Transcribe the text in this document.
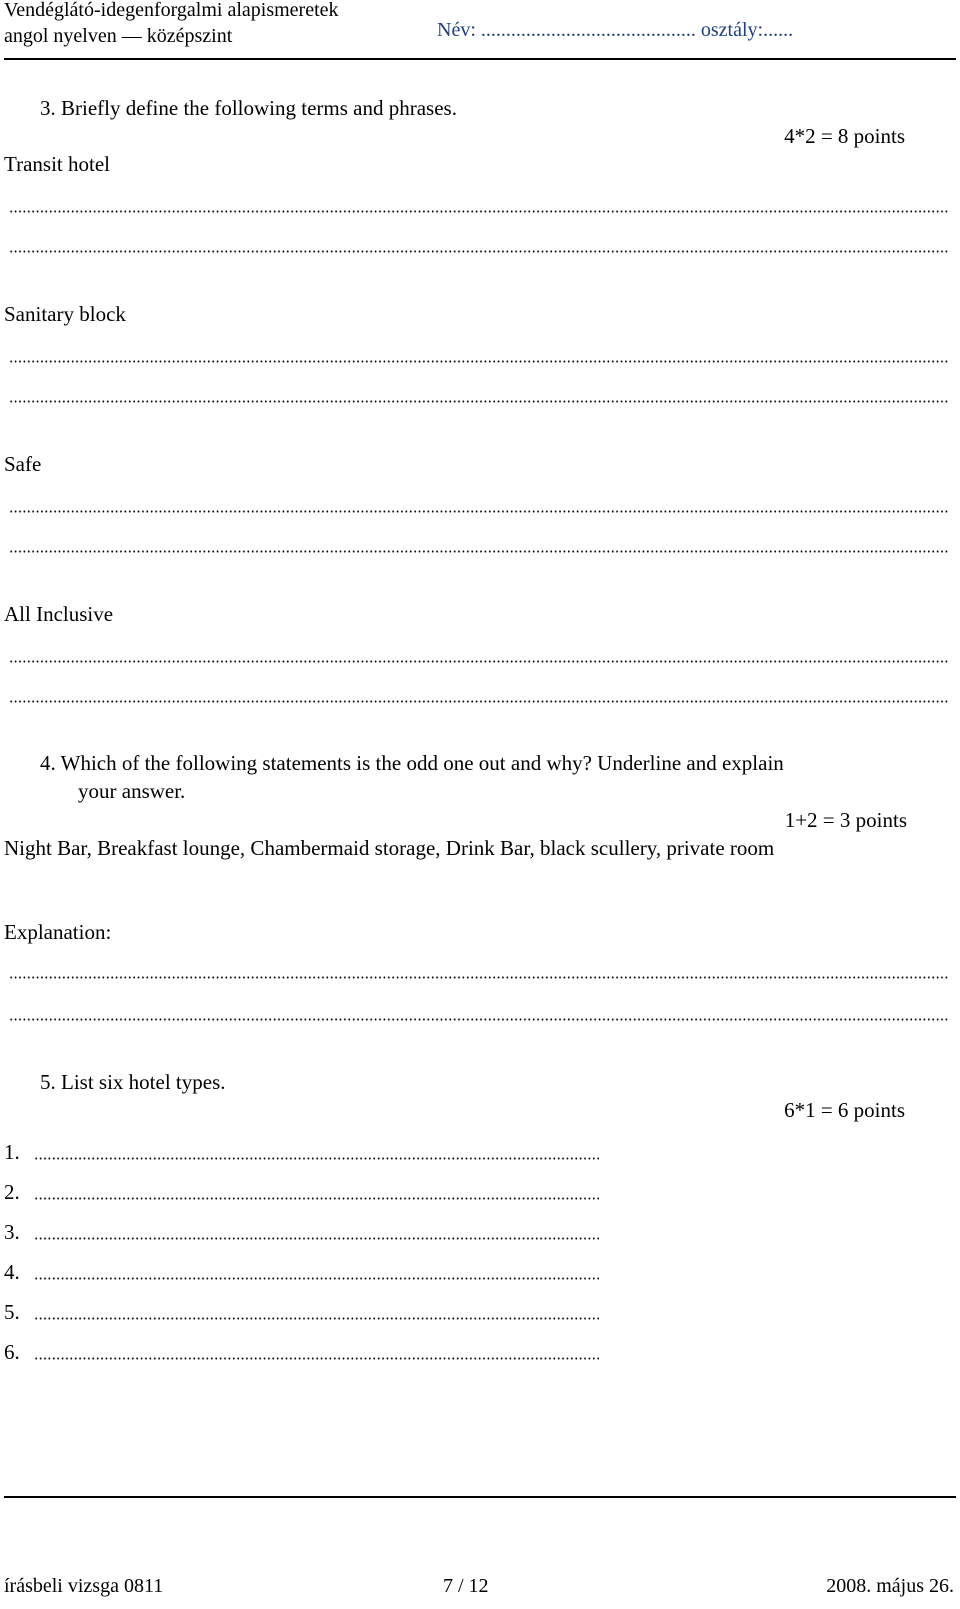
Vendéglátó-idegenforgalmi alapismeretek
angol nyelven — középszint	Név: ........................................... osztály:......
3. Briefly define the following terms and phrases.
4*2 = 8 points
Transit hotel
Sanitary block
Safe
All Inclusive
4. Which of the following statements is the odd one out and why? Underline and explain
your answer.
1+2 = 3 points
Night Bar, Breakfast lounge, Chambermaid storage, Drink Bar, black scullery, private room
Explanation:
5. List six hotel types.
6*1 = 6 points
1.
2.
3.
4.
5.
6.
írásbeli vizsga 0811	7 / 12	2008. május 26.
